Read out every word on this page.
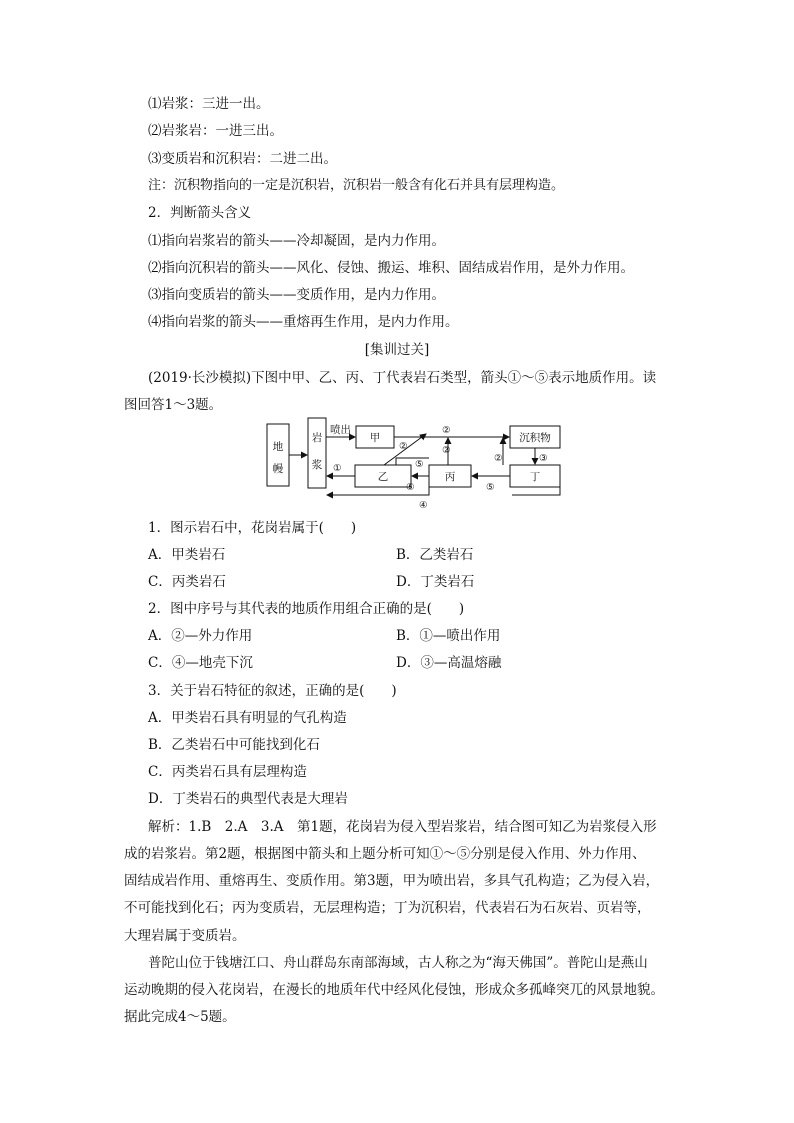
⑴岩浆：三进一出。
⑵岩浆岩：一进三出。
⑶变质岩和沉积岩：二进二出。
注：沉积物指向的一定是沉积岩，沉积岩一般含有化石并具有层理构造。
2．判断箭头含义
⑴指向岩浆岩的箭头——冷却凝固，是内力作用。
⑵指向沉积岩的箭头——风化、侵蚀、搬运、堆积、固结成岩作用，是外力作用。
⑶指向变质岩的箭头——变质作用，是内力作用。
⑷指向岩浆的箭头——重熔再生作用，是内力作用。
[集训过关]
(2019·长沙模拟)下图中甲、乙、丙、丁代表岩石类型，箭头①～⑤表示地质作用。读
图回答1～3题。
地幔
岩
浆
甲
乙	丙
沉积物
丁
喷出
①
②
②
②
②	③
⑤
⑤	⑤
④
1．图示岩石中，花岗岩属于(　　)
A．甲类岩石	B．乙类岩石
C．丙类岩石	D．丁类岩石
2．图中序号与其代表的地质作用组合正确的是(　　)
A．②—外力作用	B．①—喷出作用
C．④—地壳下沉	D．③—高温熔融
3．关于岩石特征的叙述，正确的是(　　)
A．甲类岩石具有明显的气孔构造
B．乙类岩石中可能找到化石
C．丙类岩石具有层理构造
D．丁类岩石的典型代表是大理岩
解析：1.B　2.A　3.A　第1题，花岗岩为侵入型岩浆岩，结合图可知乙为岩浆侵入形
成的岩浆岩。第2题，根据图中箭头和上题分析可知①～⑤分别是侵入作用、外力作用、
固结成岩作用、重熔再生、变质作用。第3题，甲为喷出岩，多具气孔构造；乙为侵入岩，
不可能找到化石；丙为变质岩，无层理构造；丁为沉积岩，代表岩石为石灰岩、页岩等，
大理岩属于变质岩。
普陀山位于钱塘江口、舟山群岛东南部海域，古人称之为“海天佛国”。普陀山是燕山
运动晚期的侵入花岗岩，在漫长的地质年代中经风化侵蚀，形成众多孤峰突兀的风景地貌。
据此完成4～5题。
